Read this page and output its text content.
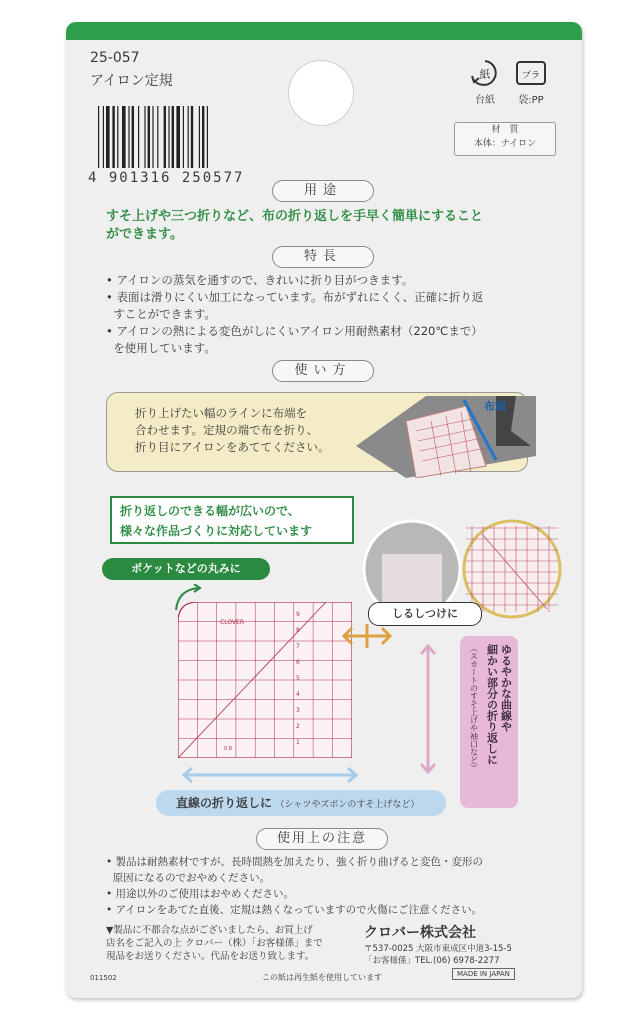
25-057
アイロン定規
4 901316 250577
紙
台紙
プラ
袋:PP
材　質
本体：ナイロン
用途
すそ上げや三つ折りなど、布の折り返しを手早く簡単にすること
ができます。
特長
• アイロンの蒸気を通すので、きれいに折り目がつきます。
• 表面は滑りにくい加工になっています。布がずれにくく、正確に折り返
すことができます。
• アイロンの熱による変色がしにくいアイロン用耐熱素材（220℃まで）
を使用しています。
使い方
折り上げたい幅のラインに布端を
合わせます。定規の端で布を折り、
折り目にアイロンをあててください。
布端
折り返しのできる幅が広いので、
様々な作品づくりに対応しています
しるしつけに
ポケットなどの丸みに
CLOVER
0.8
9
8
7
6
5
4
3
2
1
ゆるやかな曲線や
細かい部分の折り返しに
（スカートのすそ上げや袖口など）
直線の折り返しに （シャツやズボンのすそ上げなど）
使用上の注意
• 製品は耐熱素材ですが、長時間熱を加えたり、強く折り曲げると変色・変形の
原因になるのでおやめください。
• 用途以外のご使用はおやめください。
• アイロンをあてた直後、定規は熱くなっていますので火傷にご注意ください。
▼製品に不都合な点がございましたら、お買上げ
店名をご記入の上 クロバー（株）「お客様係」まで
現品をお送りください。代品をお送り致します。
クロバー株式会社
〒537-0025 大阪市東成区中道3-15-5
「お客様係」TEL.(06) 6978-2277
011502	この紙は再生紙を使用しています	MADE IN JAPAN
